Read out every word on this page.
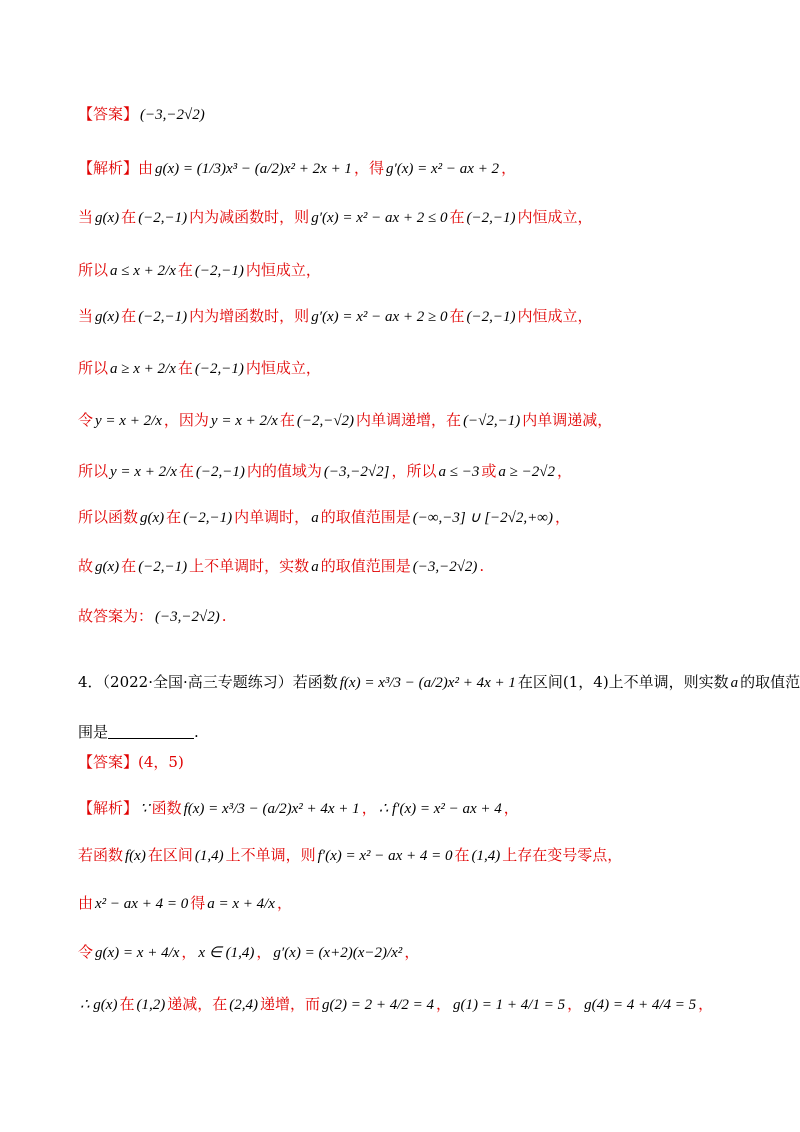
【答案】 (−3,−2√2)
【解析】由 g(x) = (1/3)x³ − (a/2)x² + 2x + 1 ，得 g′(x) = x² − ax + 2 ，
当 g(x) 在 (−2,−1) 内为减函数时，则 g′(x) = x² − ax + 2 ≤ 0 在 (−2,−1) 内恒成立，
所以 a ≤ x + 2/x 在 (−2,−1) 内恒成立，
当 g(x) 在 (−2,−1) 内为增函数时，则 g′(x) = x² − ax + 2 ≥ 0 在 (−2,−1) 内恒成立，
所以 a ≥ x + 2/x 在 (−2,−1) 内恒成立，
令 y = x + 2/x ，因为 y = x + 2/x 在 (−2,−√2) 内单调递增，在 (−√2,−1) 内单调递减，
所以 y = x + 2/x 在 (−2,−1) 内的值域为 (−3,−2√2] ，所以 a ≤ −3 或 a ≥ −2√2 ，
所以函数 g(x) 在 (−2,−1) 内单调时， a 的取值范围是 (−∞,−3] ∪ [−2√2,+∞) ，
故 g(x) 在 (−2,−1) 上不单调时，实数 a 的取值范围是 (−3,−2√2) .
故答案为： (−3,−2√2) .
4．（2022·全国·高三专题练习）若函数 f(x) = x³/3 − (a/2)x² + 4x + 1 在区间(1，4)上不单调，则实数 a 的取值范
围是	.
【答案】(4，5)
【解析】 ∵ 函数 f(x) = x³/3 − (a/2)x² + 4x + 1 ， ∴ f′(x) = x² − ax + 4 ，
若函数 f(x) 在区间 (1,4) 上不单调，则 f′(x) = x² − ax + 4 = 0 在 (1,4) 上存在变号零点，
由 x² − ax + 4 = 0 得 a = x + 4/x ，
令 g(x) = x + 4/x ， x ∈ (1,4) ， g′(x) = (x+2)(x−2)/x² ，
∴ g(x) 在 (1,2) 递减，在 (2,4) 递增，而 g(2) = 2 + 4/2 = 4 ， g(1) = 1 + 4/1 = 5 ， g(4) = 4 + 4/4 = 5 ，
